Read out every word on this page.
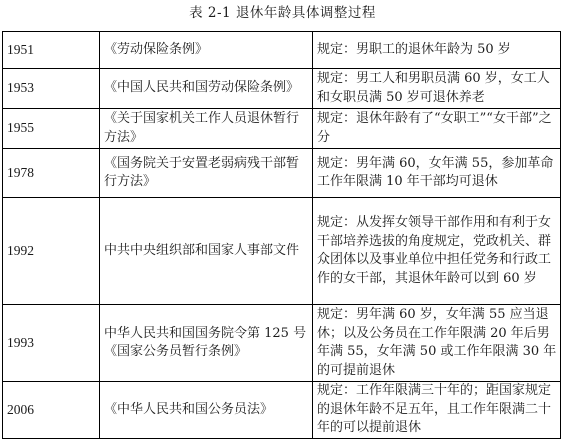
表 2-1 退休年龄具体调整过程
1951	《劳动保险条例》	规定：男职工的退休年龄为 50 岁
1953	《中国人民共和国劳动保险条例》	规定：男工人和男职员满 60 岁，女工人和女职员满 50 岁可退休养老
1955	《关于国家机关工作人员退休暂行方法》	规定：退休年龄有了“女职工”“女干部”之分
1978	《国务院关于安置老弱病残干部暂行方法》	规定：男年满 60，女年满 55，参加革命工作年限满 10 年干部均可退休
1992	中共中央组织部和国家人事部文件	规定：从发挥女领导干部作用和有利于女干部培养选拔的角度规定，党政机关、群众团体以及事业单位中担任党务和行政工作的女干部，其退休年龄可以到 60 岁
1993	中华人民共和国国务院令第 125 号《国家公务员暂行条例》	规定：男年满 60 岁，女年满 55 应当退休；以及公务员在工作年限满 20 年后男年满 55，女年满 50 或工作年限满 30 年的可提前退休
2006	《中华人民共和国公务员法》	规定：工作年限满三十年的；距国家规定的退休年龄不足五年，且工作年限满二十年的可以提前退休
